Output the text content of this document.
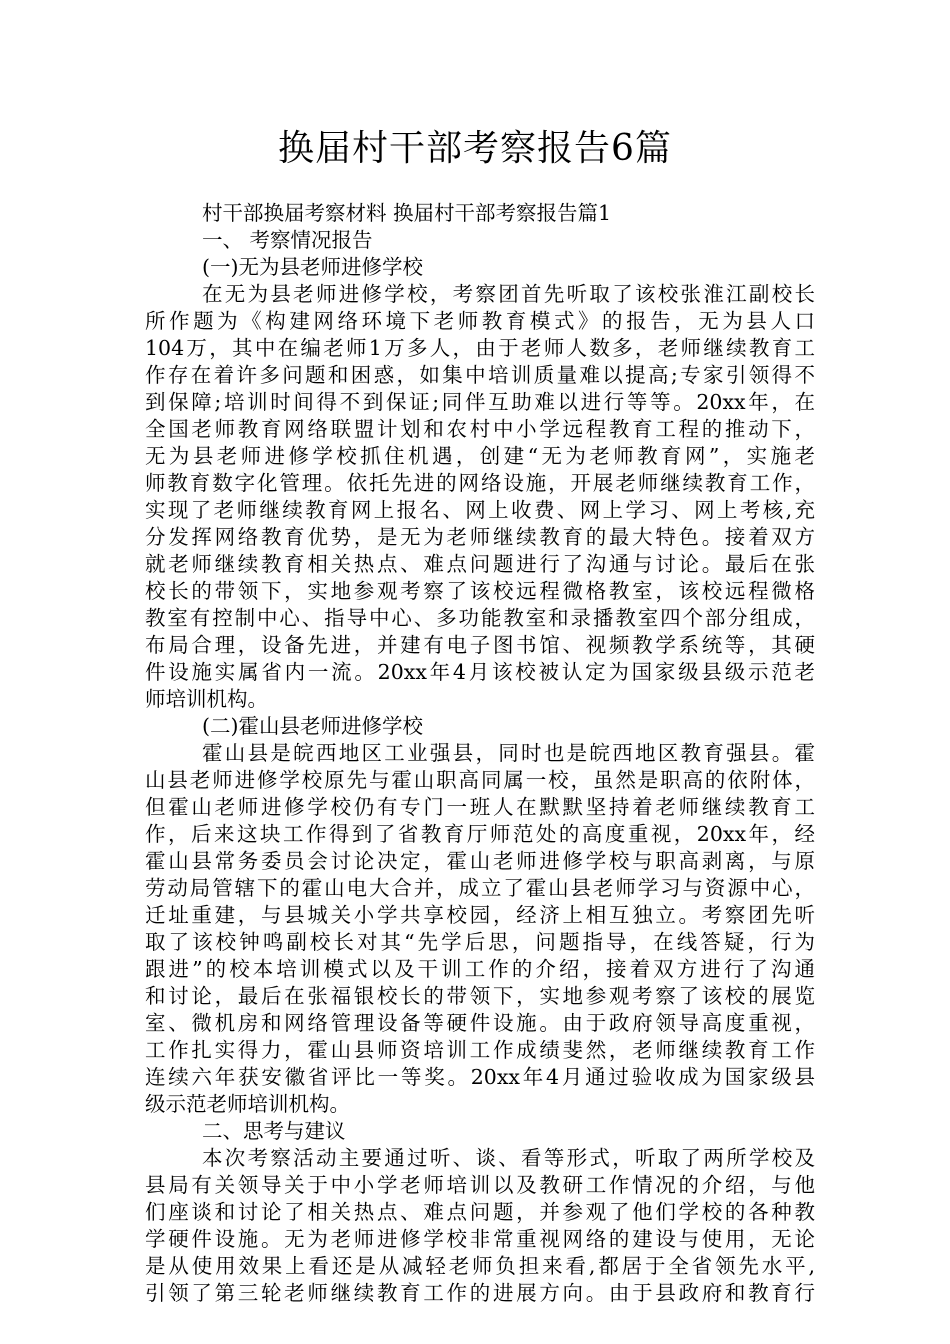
换届村干部考察报告6篇
村干部换届考察材料 换届村干部考察报告篇1
一、 考察情况报告
(一)无为县老师进修学校
在无为县老师进修学校，考察团首先听取了该校张淮江副校长
所作题为《构建网络环境下老师教育模式》的报告，无为县人口
104万，其中在编老师1万多人，由于老师人数多，老师继续教育工
作存在着许多问题和困惑，如集中培训质量难以提高;专家引领得不
到保障;培训时间得不到保证;同伴互助难以进行等等。20xx年，在
全国老师教育网络联盟计划和农村中小学远程教育工程的推动下，
无为县老师进修学校抓住机遇，创建“无为老师教育网”，实施老
师教育数字化管理。依托先进的网络设施，开展老师继续教育工作，
实现了老师继续教育网上报名、网上收费、网上学习、网上考核,充
分发挥网络教育优势，是无为老师继续教育的最大特色。接着双方
就老师继续教育相关热点、难点问题进行了沟通与讨论。最后在张
校长的带领下，实地参观考察了该校远程微格教室，该校远程微格
教室有控制中心、指导中心、多功能教室和录播教室四个部分组成，
布局合理，设备先进，并建有电子图书馆、视频教学系统等，其硬
件设施实属省内一流。20xx年4月该校被认定为国家级县级示范老
师培训机构。
(二)霍山县老师进修学校
霍山县是皖西地区工业强县，同时也是皖西地区教育强县。霍
山县老师进修学校原先与霍山职高同属一校，虽然是职高的依附体，
但霍山老师进修学校仍有专门一班人在默默坚持着老师继续教育工
作，后来这块工作得到了省教育厅师范处的高度重视，20xx年，经
霍山县常务委员会讨论决定，霍山老师进修学校与职高剥离，与原
劳动局管辖下的霍山电大合并，成立了霍山县老师学习与资源中心，
迁址重建，与县城关小学共享校园，经济上相互独立。考察团先听
取了该校钟鸣副校长对其“先学后思，问题指导，在线答疑，行为
跟进”的校本培训模式以及干训工作的介绍，接着双方进行了沟通
和讨论，最后在张福银校长的带领下，实地参观考察了该校的展览
室、微机房和网络管理设备等硬件设施。由于政府领导高度重视，
工作扎实得力，霍山县师资培训工作成绩斐然，老师继续教育工作
连续六年获安徽省评比一等奖。20xx年4月通过验收成为国家级县
级示范老师培训机构。
二、思考与建议
本次考察活动主要通过听、谈、看等形式，听取了两所学校及
县局有关领导关于中小学老师培训以及教研工作情况的介绍，与他
们座谈和讨论了相关热点、难点问题，并参观了他们学校的各种教
学硬件设施。无为老师进修学校非常重视网络的建设与使用，无论
是从使用效果上看还是从减轻老师负担来看,都居于全省领先水平,
引领了第三轮老师继续教育工作的进展方向。由于县政府和教育行
